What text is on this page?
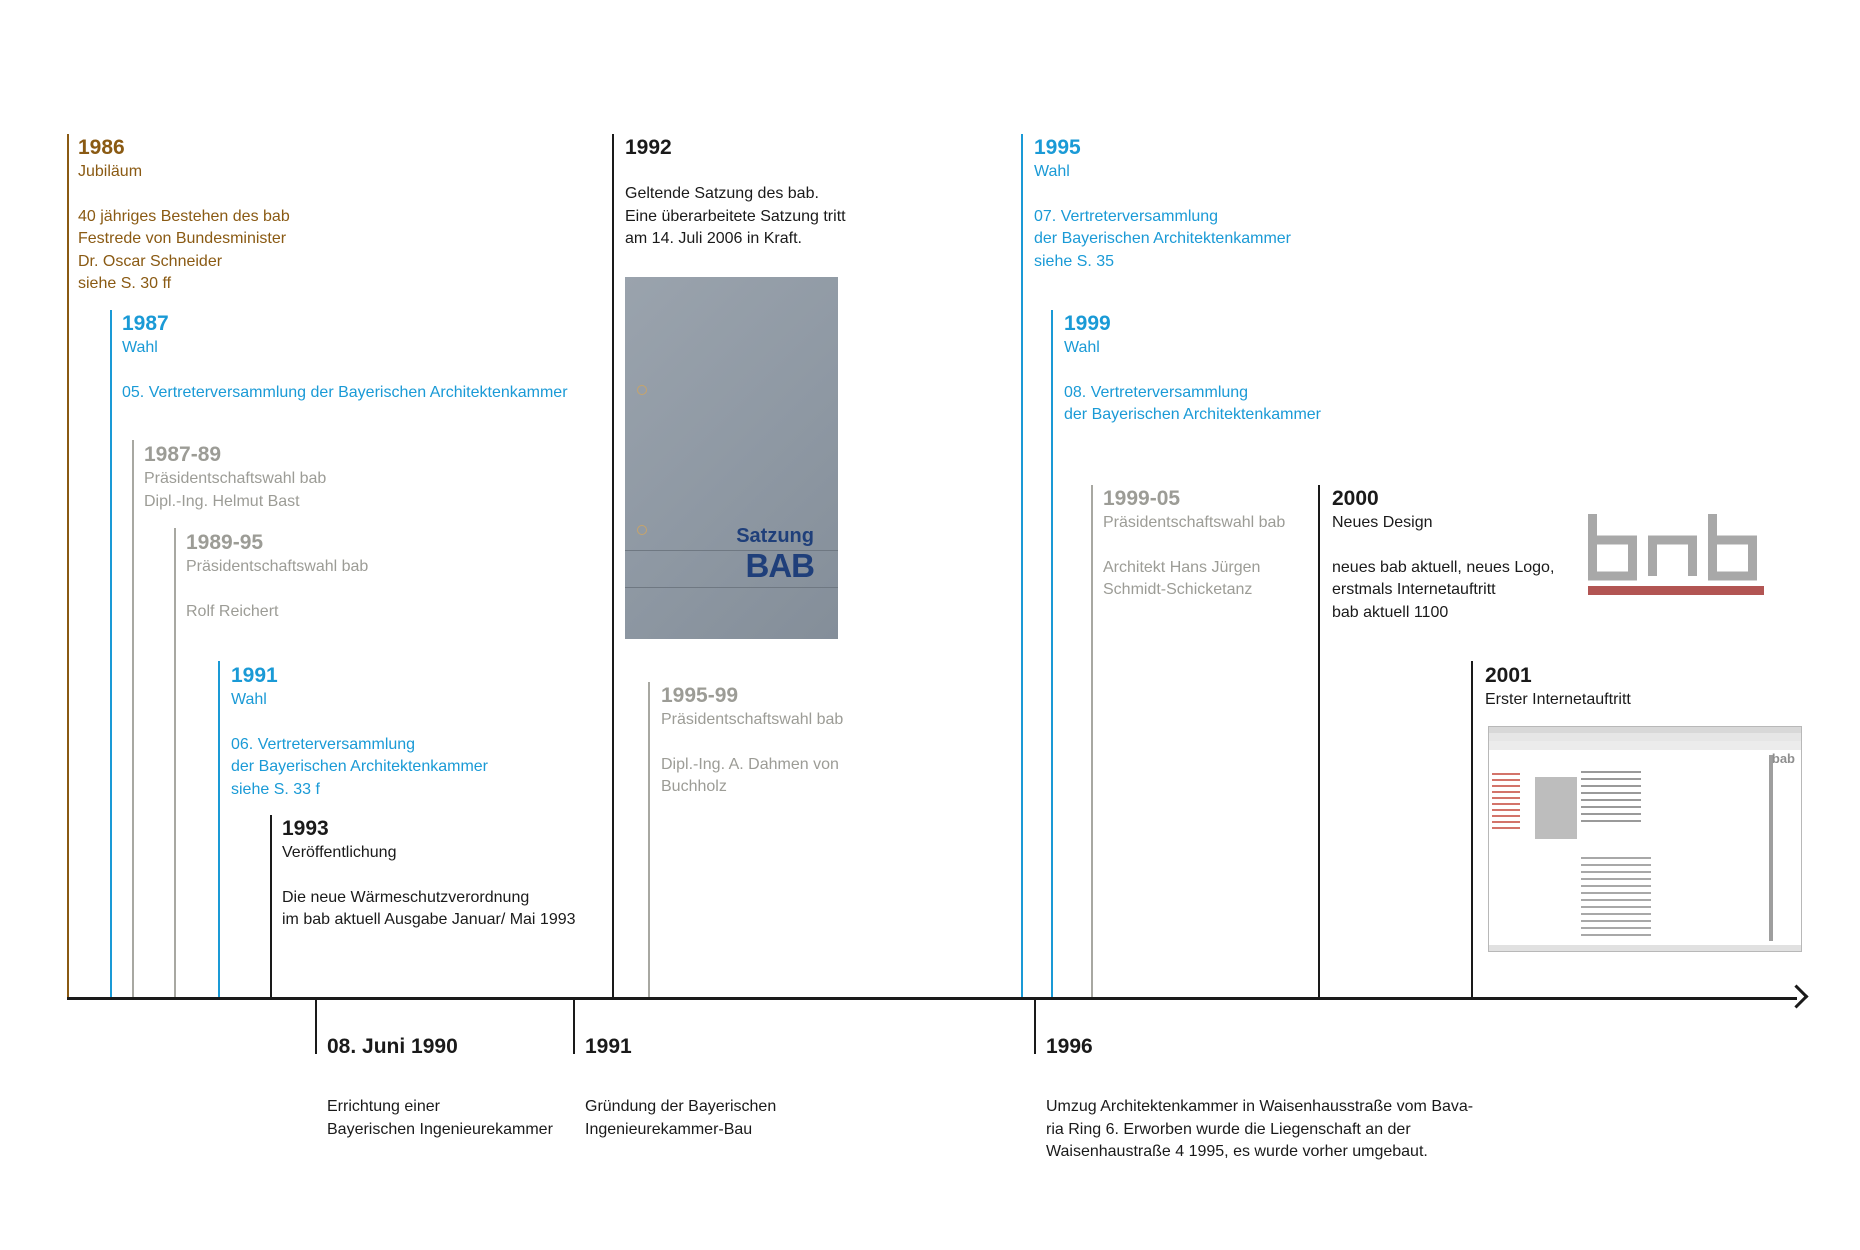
1986
Jubiläum
40 jähriges Bestehen des bab
Festrede von Bundesminister
Dr. Oscar Schneider
siehe S. 30 ff
1987
Wahl
05. Vertreterversammlung der Bayerischen Architektenkammer
1987-89
Präsidentschaftswahl bab
Dipl.-Ing. Helmut Bast
1989-95
Präsidentschaftswahl bab
Rolf Reichert
1991
Wahl
06. Vertreterversammlung
der Bayerischen Architektenkammer
siehe S. 33 f
1993
Veröffentlichung
Die neue Wärmeschutzverordnung
im bab aktuell Ausgabe Januar/ Mai 1993
1992
Geltende Satzung des bab.
Eine überarbeitete Satzung tritt
am 14. Juli 2006 in Kraft.
Satzung
BAB
1995-99
Präsidentschaftswahl bab
Dipl.-Ing. A. Dahmen von
Buchholz
1995
Wahl
07. Vertreterversammlung
der Bayerischen Architektenkammer
siehe S. 35
1999
Wahl
08. Vertreterversammlung
der Bayerischen Architektenkammer
1999-05
Präsidentschaftswahl bab
Architekt Hans Jürgen
Schmidt-Schicketanz
2000
Neues Design
neues bab aktuell, neues Logo,
erstmals Internetauftritt
bab aktuell 1100
2001
Erster Internetauftritt
bab
08. Juni 1990
Errichtung einer
Bayerischen Ingenieurekammer
1991
Gründung der Bayerischen
Ingenieurekammer-Bau
1996
Umzug Architektenkammer in Waisenhausstraße vom Bava-
ria Ring 6. Erworben wurde die Liegenschaft an der
Waisenhaustraße 4 1995, es wurde vorher umgebaut.
